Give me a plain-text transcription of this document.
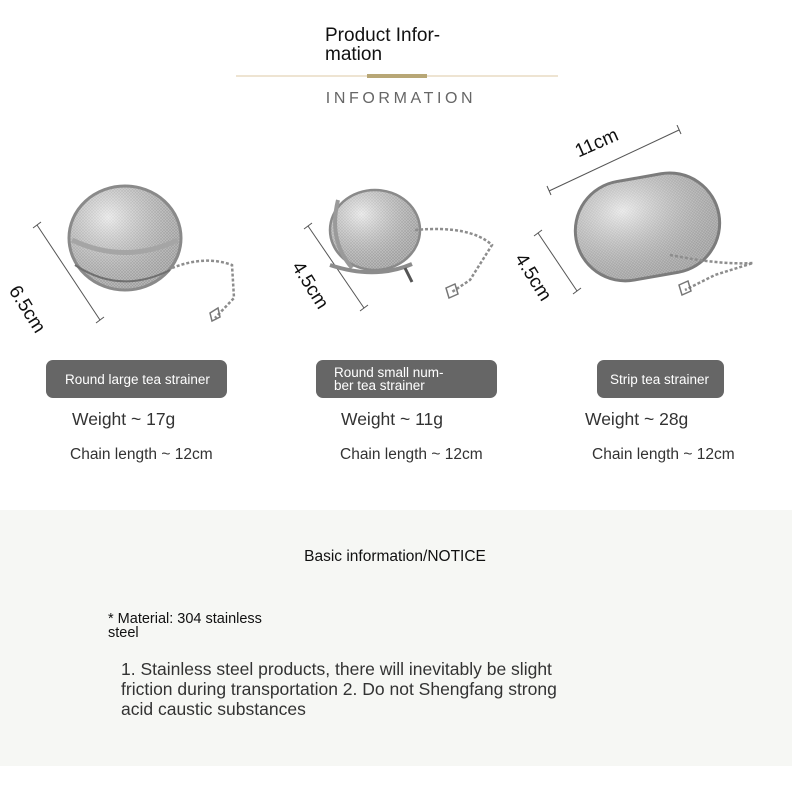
Product Infor-
mation
INFORMATION
6.5cm	4.5cm
11cm
4.5cm
Round large tea strainer	Round small num-
ber tea strainer	Strip tea strainer
Weight ~ 17g	Weight ~ 11g	Weight ~ 28g
Chain length ~ 12cm	Chain length ~ 12cm	Chain length ~ 12cm
Basic information/NOTICE
* Material: 304 stainless
steel
1. Stainless steel products, there will inevitably be slight friction during transportation 2. Do not Shengfang strong acid caustic substances
